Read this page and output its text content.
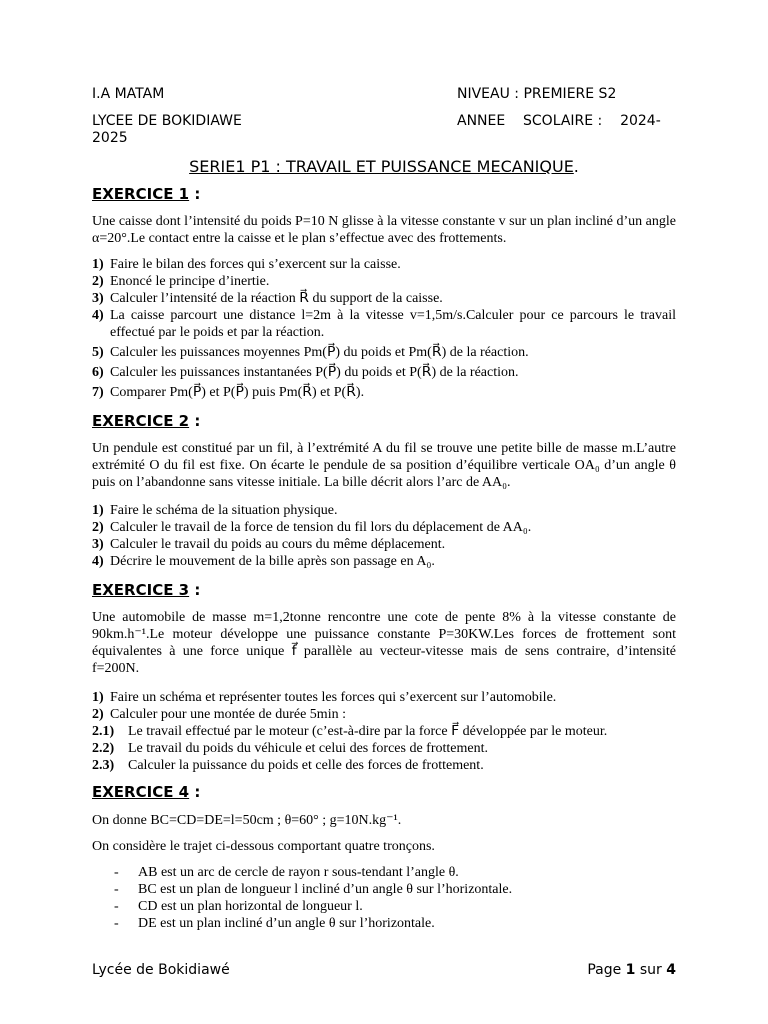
I.A MATAM	NIVEAU : PREMIERE S2
LYCEE DE BOKIDIAWE
2025
ANNEE    SCOLAIRE :    2024-
SERIE1 P1 : TRAVAIL ET PUISSANCE MECANIQUE.
EXERCICE 1 :
Une caisse dont l’intensité du poids P=10 N glisse à la vitesse constante v sur un plan incliné d’un angle α=20°.Le contact entre la caisse et le plan s’effectue avec des frottements.
1) Faire le bilan des forces qui s’exercent sur la caisse.
2) Enoncé le principe d’inertie.
3) Calculer l’intensité de la réaction R⃗ du support de la caisse.
4) La caisse parcourt une distance l=2m à la vitesse v=1,5m/s.Calculer pour ce parcours le travail effectué par le poids et par la réaction.
5) Calculer les puissances moyennes Pm(P⃗) du poids et Pm(R⃗) de la réaction.
6) Calculer les puissances instantanées P(P⃗) du poids et P(R⃗) de la réaction.
7) Comparer Pm(P⃗) et P(P⃗) puis Pm(R⃗) et P(R⃗).
EXERCICE 2 :
Un pendule est constitué par un fil, à l’extrémité A du fil se trouve une petite bille de masse m.L’autre extrémité O du fil est fixe. On écarte le pendule de sa position d’équilibre verticale OA₀ d’un angle θ puis on l’abandonne sans vitesse initiale. La bille décrit alors l’arc de AA₀.
1) Faire le schéma de la situation physique.
2) Calculer le travail de la force de tension du fil lors du déplacement de AA₀.
3) Calculer le travail du poids au cours du même déplacement.
4) Décrire le mouvement de la bille après son passage en A₀.
EXERCICE 3 :
Une automobile de masse m=1,2tonne rencontre une cote de pente 8% à la vitesse constante de 90km.h⁻¹.Le moteur développe une puissance constante P=30KW.Les forces de frottement sont équivalentes à une force unique f⃗ parallèle au vecteur-vitesse mais de sens contraire, d’intensité f=200N.
1) Faire un schéma et représenter toutes les forces qui s’exercent sur l’automobile.
2) Calculer pour une montée de durée 5min :
2.1) Le travail effectué par le moteur (c’est-à-dire par la force F⃗ développée par le moteur.
2.2) Le travail du poids du véhicule et celui des forces de frottement.
2.3) Calculer la puissance du poids et celle des forces de frottement.
EXERCICE 4 :
On donne BC=CD=DE=l=50cm ; θ=60° ; g=10N.kg⁻¹.
On considère le trajet ci-dessous comportant quatre tronçons.
- AB est un arc de cercle de rayon r sous-tendant l’angle θ.
- BC est un plan de longueur l incliné d’un angle θ sur l’horizontale.
- CD est un plan horizontal de longueur l.
- DE est un plan incliné d’un angle θ sur l’horizontale.
Lycée de Bokidiawé	Page 1 sur 4
